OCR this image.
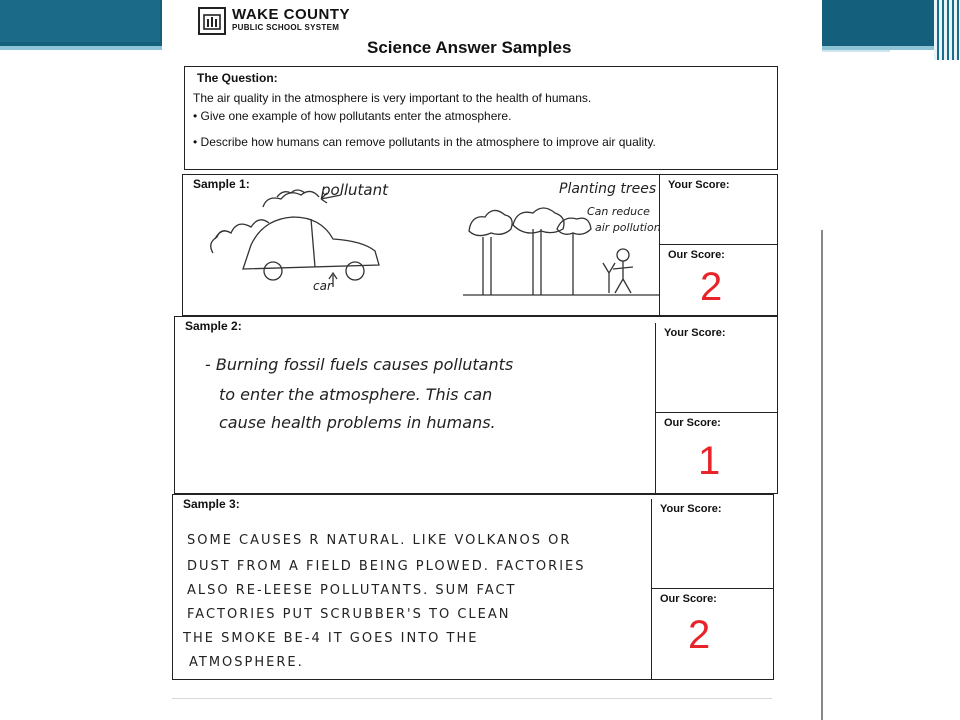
WAKE COUNTY
PUBLIC SCHOOL SYSTEM
Science Answer Samples
The Question:
The air quality in the atmosphere is very important to the health of humans.
• Give one example of how pollutants enter the atmosphere.
• Describe how humans can remove pollutants in the atmosphere to improve air quality.
Sample 1:	Your Score:
Our Score:
2
pollutant
car
Planting trees
Can reduce
air pollution
Sample 2:	Your Score:
Our Score:
1
- Burning fossil fuels causes pollutants
to enter the atmosphere. This can
cause health problems in humans.
Sample 3:	Your Score:
Our Score:
2
SOME CAUSES R NATURAL. LIKE VOLKANOS OR
DUST FROM A FIELD BEING PLOWED. FACTORIES
ALSO RE-LEESE POLLUTANTS. SUM FACT
FACTORIES PUT SCRUBBER'S TO CLEAN
THE SMOKE BE-4 IT GOES INTO THE
ATMOSPHERE.
